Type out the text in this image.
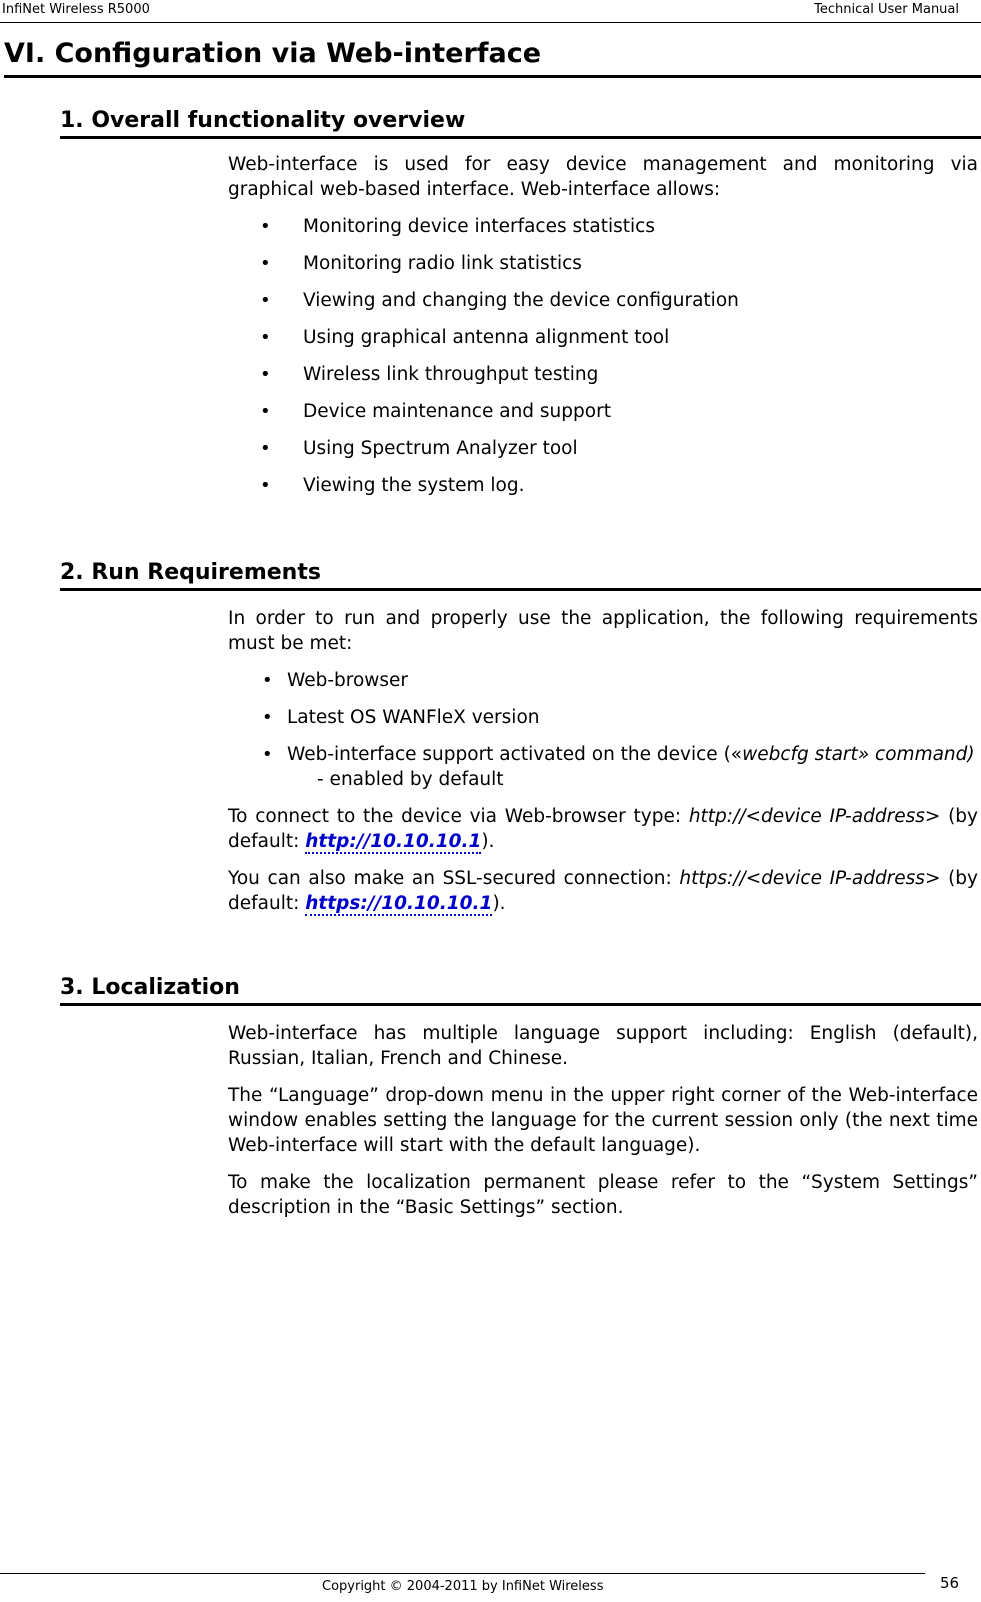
InfiNet Wireless R5000	Technical User Manual
VI. Configuration via Web-interface
1. Overall functionality overview

Web-interface is used for easy device management and monitoring via graphical web-based interface. Web-interface allows:

• Monitoring device interfaces statistics
• Monitoring radio link statistics
• Viewing and changing the device configuration
• Using graphical antenna alignment tool
• Wireless link throughput testing
• Device maintenance and support
• Using Spectrum Analyzer tool
• Viewing the system log.
2. Run Requirements

In order to run and properly use the application, the following requirements must be met:

• Web-browser
• Latest OS WANFleX version
• Web-interface support activated on the device («webcfg start» command)
- enabled by default

To connect to the device via Web-browser type: http://<device IP-address> (by default: http://10.10.10.1).

You can also make an SSL-secured connection: https://<device IP-address> (by default: https://10.10.10.1).

3. Localization

Web-interface has multiple language support including: English (default), Russian, Italian, French and Chinese.

The “Language” drop-down menu in the upper right corner of the Web-interface window enables setting the language for the current session only (the next time Web-interface will start with the default language).

To make the localization permanent please refer to the “System Settings” description in the “Basic Settings” section.

Copyright © 2004-2011 by InfiNet Wireless	56
